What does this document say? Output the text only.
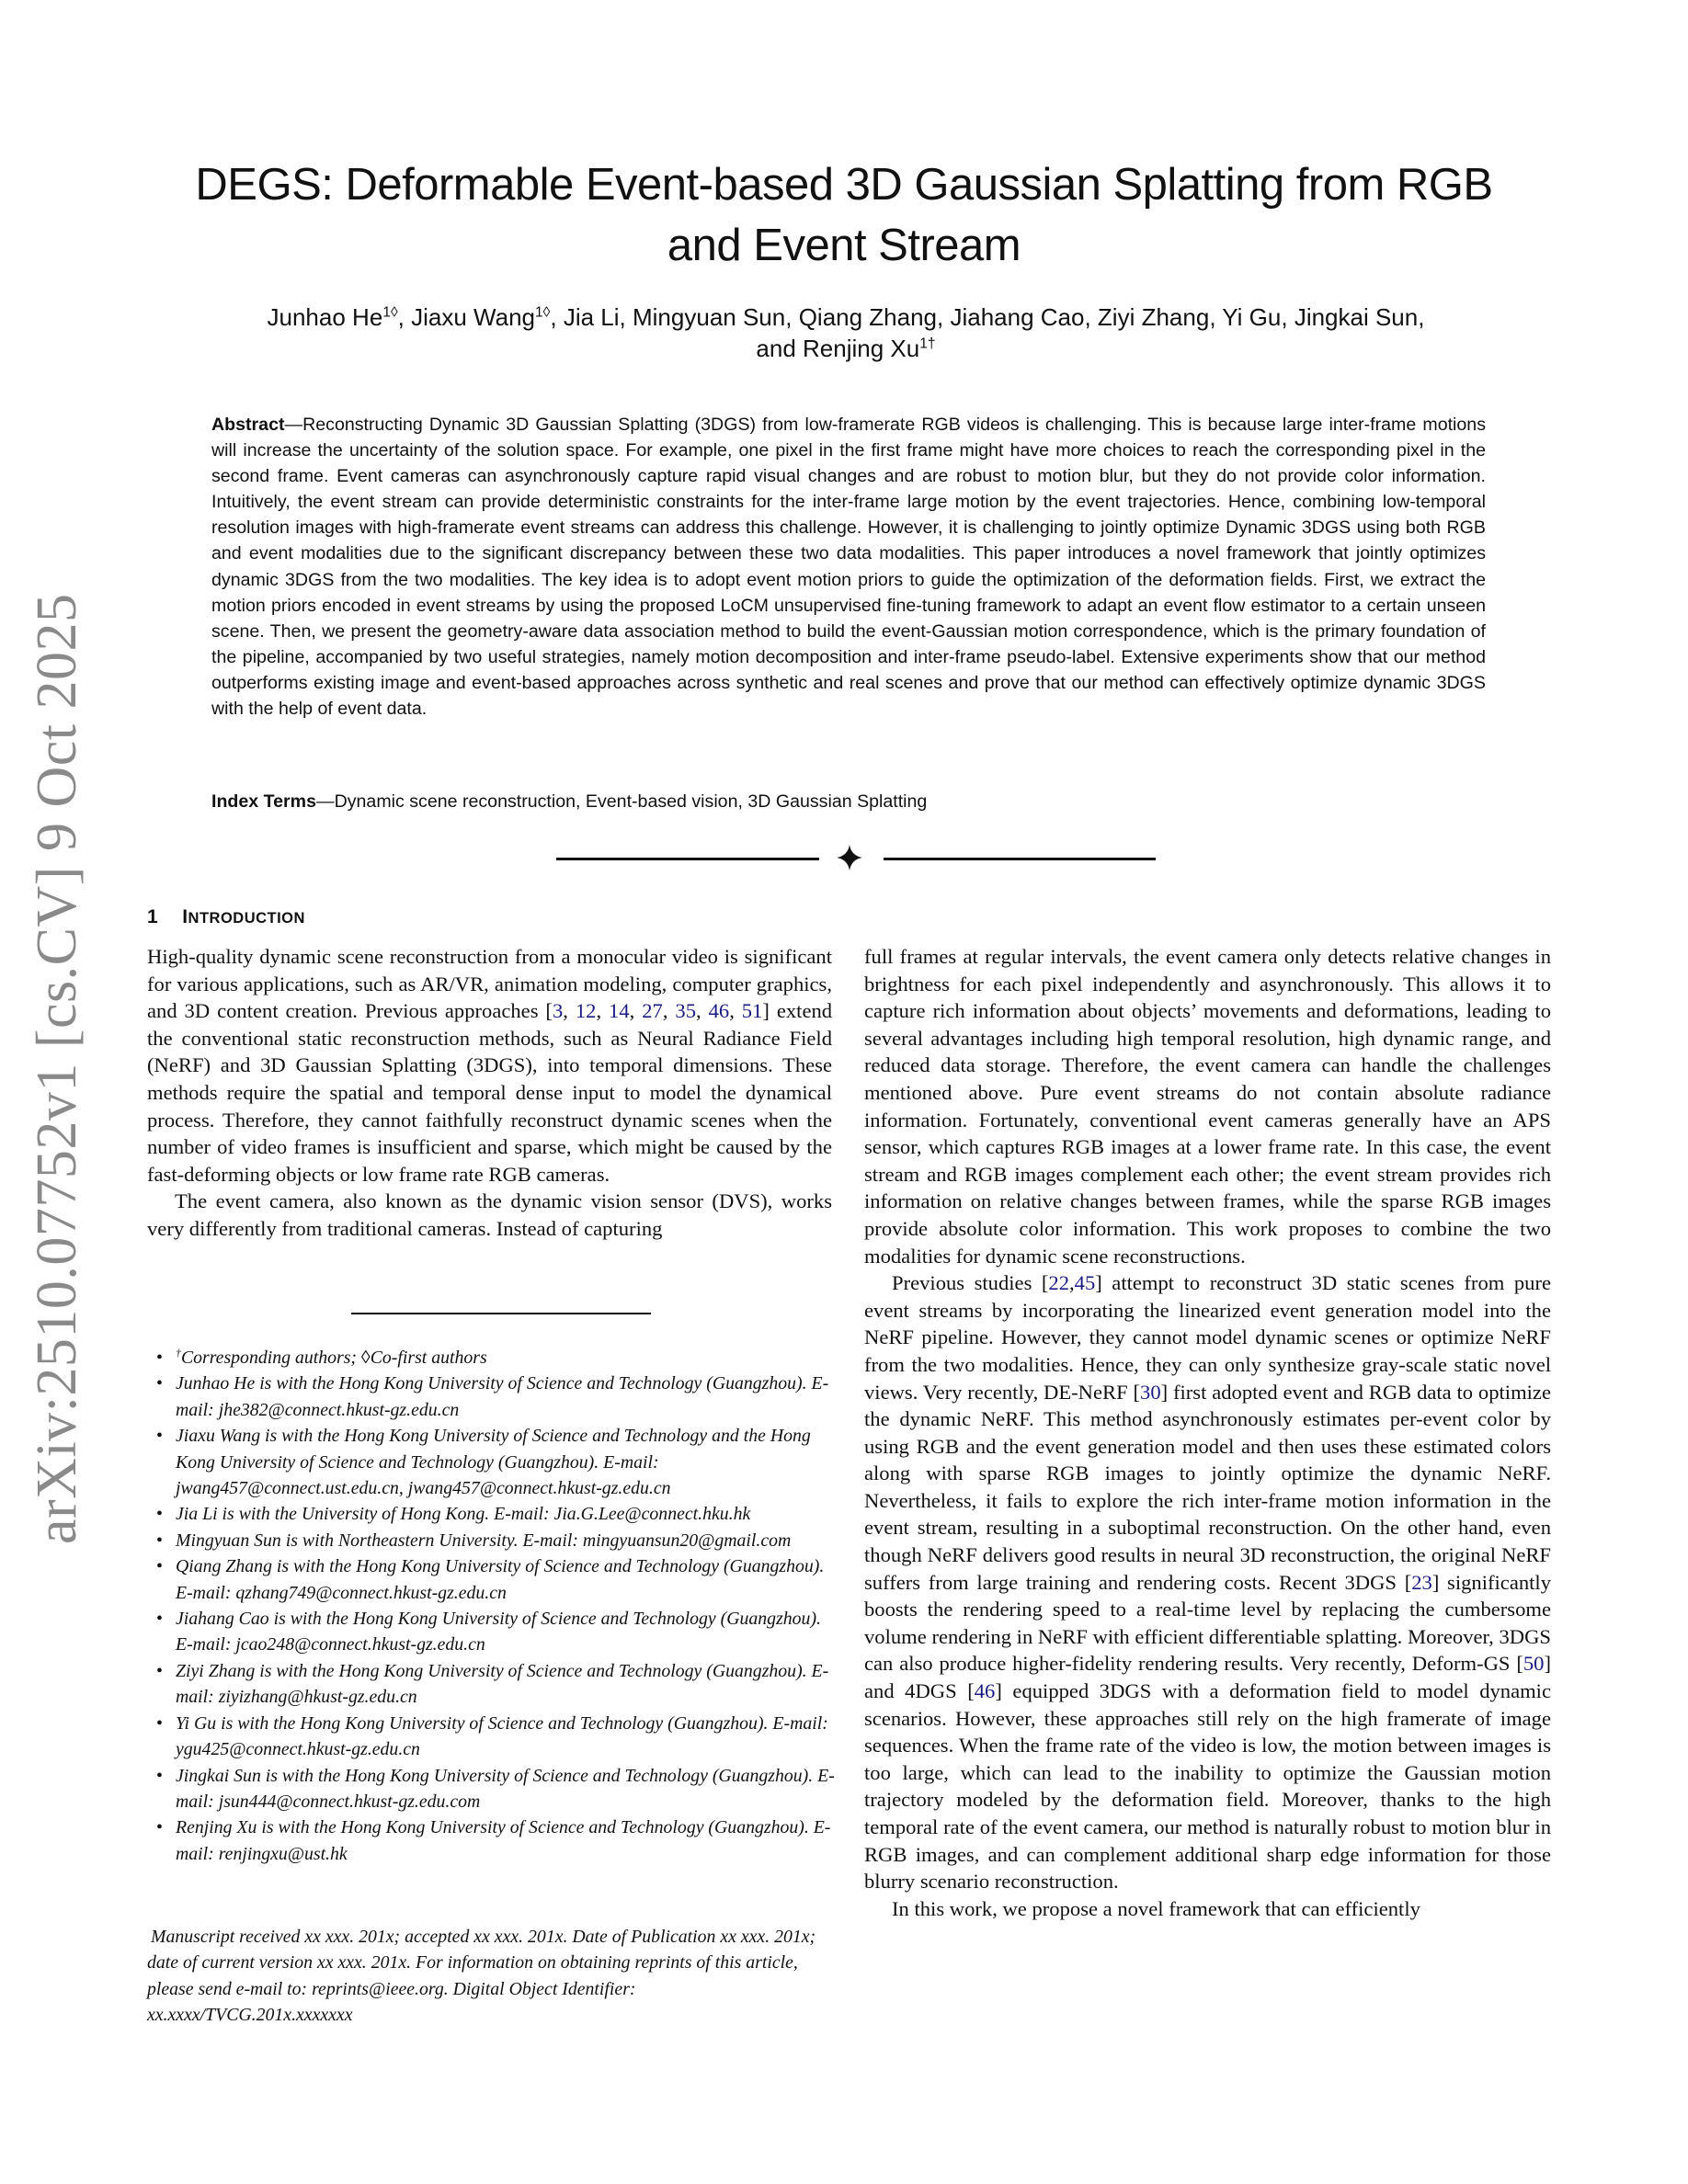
arXiv:2510.07752v1 [cs.CV] 9 Oct 2025
DEGS: Deformable Event-based 3D Gaussian Splatting from RGB
and Event Stream
Junhao $He^{1◊}$, Jiaxu Wang$^{1◊}$, Jia Li, Mingyuan Sun, Qiang Zhang, Jiahang Cao, Ziyi Zhang, Yi Gu, Jingkai Sun,
and Renjing $Xu^{1\dagger}$
Abstract—Reconstructing Dynamic 3D Gaussian Splatting (3DGS) from low-framerate RGB videos is challenging. This is because large inter-frame motions will increase the uncertainty of the solution space. For example, one pixel in the first frame might have more choices to reach the corresponding pixel in the second frame. Event cameras can asynchronously capture rapid visual changes and are robust to motion blur, but they do not provide color information. Intuitively, the event stream can provide deterministic constraints for the inter-frame large motion by the event trajectories. Hence, combining low-temporal resolution images with high-framerate event streams can address this challenge. However, it is challenging to jointly optimize Dynamic 3DGS using both RGB and event modalities due to the significant discrepancy between these two data modalities. This paper introduces a novel framework that jointly optimizes dynamic 3DGS from the two modalities. The key idea is to adopt event motion priors to guide the optimization of the deformation fields. First, we extract the motion priors encoded in event streams by using the proposed LoCM unsupervised fine-tuning framework to adapt an event flow estimator to a certain unseen scene. Then, we present the geometry-aware data association method to build the event-Gaussian motion correspondence, which is the primary foundation of the pipeline, accompanied by two useful strategies, namely motion decomposition and inter-frame pseudo-label. Extensive experiments show that our method outperforms existing image and event-based approaches across synthetic and real scenes and prove that our method can effectively optimize dynamic 3DGS with the help of event data.
Index Terms—Dynamic scene reconstruction, Event-based vision, 3D Gaussian Splatting
1 INTRODUCTION

High-quality dynamic scene reconstruction from a monocular video is significant for various applications, such as AR/VR, animation modeling, computer graphics, and 3D content creation. Previous approaches [3, 12, 14, 27, 35, 46, 51] extend the conventional static reconstruction methods, such as Neural Radiance Field (NeRF) and 3D Gaussian Splatting (3DGS), into temporal dimensions. These methods require the spatial and temporal dense input to model the dynamical process. Therefore, they cannot faithfully reconstruct dynamic scenes when the number of video frames is insufficient and sparse, which might be caused by the fast-deforming objects or low frame rate RGB cameras.

The event camera, also known as the dynamic vision sensor (DVS), works very differently from traditional cameras. Instead of capturing

• †Corresponding authors; ◊Co-first authors
• Junhao He is with the Hong Kong University of Science and Technology (Guangzhou). E-mail: jhe382@connect.hkust-gz.edu.cn
• Jiaxu Wang is with the Hong Kong University of Science and Technology and the Hong Kong University of Science and Technology (Guangzhou). E-mail: jwang457@connect.ust.edu.cn, jwang457@connect.hkust-gz.edu.cn
• Jia Li is with the University of Hong Kong. E-mail: Jia.G.Lee@connect.hku.hk
• Mingyuan Sun is with Northeastern University. E-mail: mingyuansun20@gmail.com
• Qiang Zhang is with the Hong Kong University of Science and Technology (Guangzhou). E-mail: qzhang749@connect.hkust-gz.edu.cn
• Jiahang Cao is with the Hong Kong University of Science and Technology (Guangzhou). E-mail: jcao248@connect.hkust-gz.edu.cn
• Ziyi Zhang is with the Hong Kong University of Science and Technology (Guangzhou). E-mail: ziyizhang@hkust-gz.edu.cn
• Yi Gu is with the Hong Kong University of Science and Technology (Guangzhou). E-mail: ygu425@connect.hkust-gz.edu.cn
• Jingkai Sun is with the Hong Kong University of Science and Technology (Guangzhou). E-mail: jsun444@connect.hkust-gz.edu.com
• Renjing Xu is with the Hong Kong University of Science and Technology (Guangzhou). E-mail: renjingxu@ust.hk
Manuscript received xx xxx. 201x; accepted xx xxx. 201x. Date of Publication xx xxx. 201x; date of current version xx xxx. 201x. For information on obtaining reprints of this article, please send e-mail to: reprints@ieee.org. Digital Object Identifier: xx.xxxx/TVCG.201x.xxxxxxx

full frames at regular intervals, the event camera only detects relative changes in brightness for each pixel independently and asynchronously. This allows it to capture rich information about objects’ movements and deformations, leading to several advantages including high temporal resolution, high dynamic range, and reduced data storage. Therefore, the event camera can handle the challenges mentioned above. Pure event streams do not contain absolute radiance information. Fortunately, conventional event cameras generally have an APS sensor, which captures RGB images at a lower frame rate. In this case, the event stream and RGB images complement each other; the event stream provides rich information on relative changes between frames, while the sparse RGB images provide absolute color information. This work proposes to combine the two modalities for dynamic scene reconstructions.

Previous studies [22,45] attempt to reconstruct 3D static scenes from pure event streams by incorporating the linearized event generation model into the NeRF pipeline. However, they cannot model dynamic scenes or optimize NeRF from the two modalities. Hence, they can only synthesize gray-scale static novel views. Very recently, DE-NeRF [30] first adopted event and RGB data to optimize the dynamic NeRF. This method asynchronously estimates per-event color by using RGB and the event generation model and then uses these estimated colors along with sparse RGB images to jointly optimize the dynamic NeRF. Nevertheless, it fails to explore the rich inter-frame motion information in the event stream, resulting in a suboptimal reconstruction. On the other hand, even though NeRF delivers good results in neural 3D reconstruction, the original NeRF suffers from large training and rendering costs. Recent 3DGS [23] significantly boosts the rendering speed to a real-time level by replacing the cumbersome volume rendering in NeRF with efficient differentiable splatting. Moreover, 3DGS can also produce higher-fidelity rendering results. Very recently, Deform-GS [50] and 4DGS [46] equipped 3DGS with a deformation field to model dynamic scenarios. However, these approaches still rely on the high framerate of image sequences. When the frame rate of the video is low, the motion between images is too large, which can lead to the inability to optimize the Gaussian motion trajectory modeled by the deformation field. Moreover, thanks to the high temporal rate of the event camera, our method is naturally robust to motion blur in RGB images, and can complement additional sharp edge information for those blurry scenario reconstruction.

In this work, we propose a novel framework that can efficiently
